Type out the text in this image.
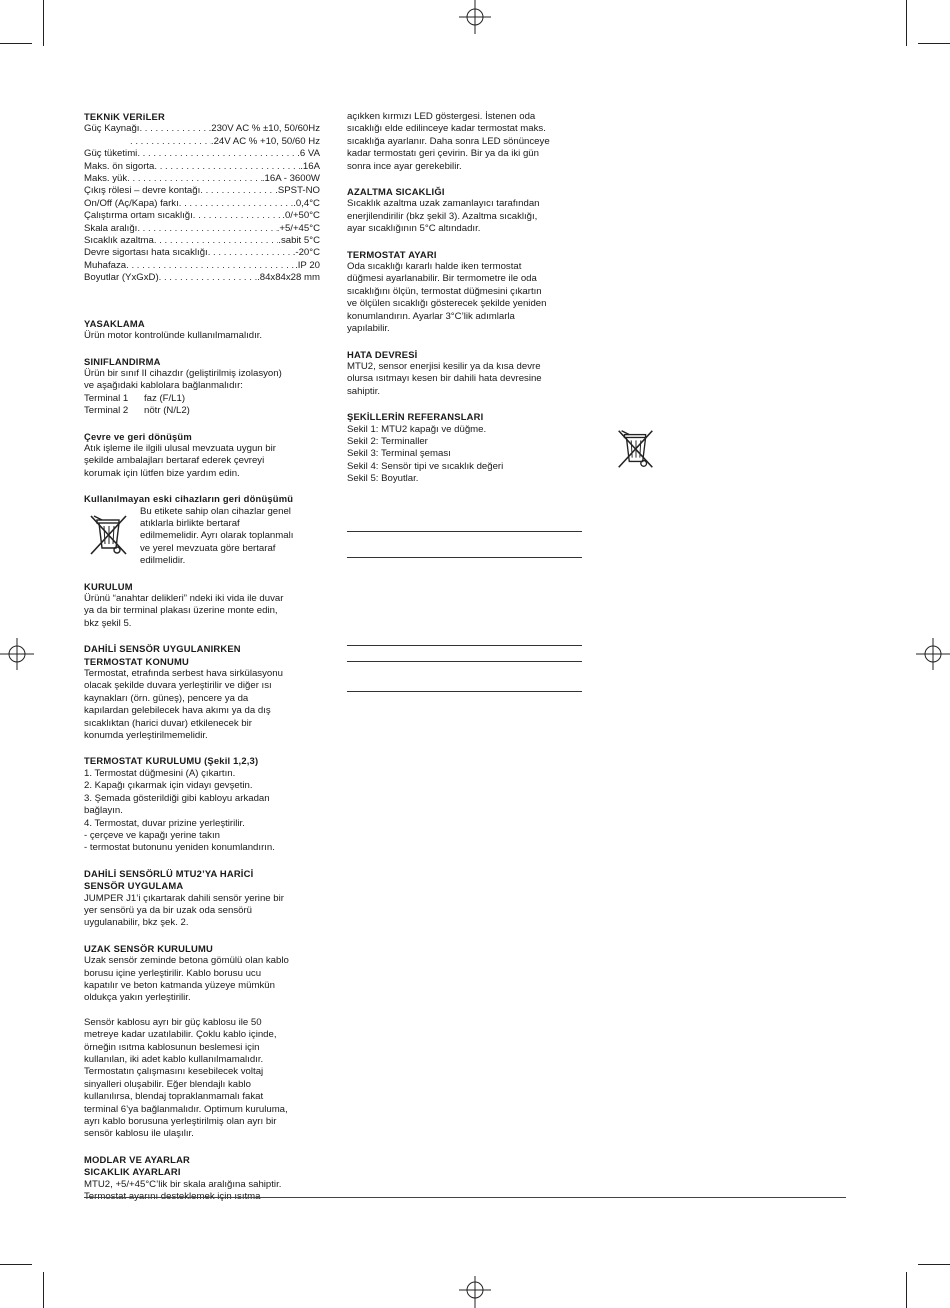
TEKNiK VERiLER

Güç Kaynağı . . .	.230V AC % ±10, 50/60Hz
. . .
.24V AC % +10, 50/60 Hz
Güç tüketimi . . .	.6 VA
Maks. ön sigorta . . .	.16A
Maks. yük . . .	.16A - 3600W
Çıkış rölesi – devre kontağı . . .	.SPST-NO
On/Off (Aç/Kapa) farkı . . .	.0,4°C
Çalıştırma ortam sıcaklığı . . .	.0/+50°C
Skala aralığı . . .	.+5/+45°C
Sıcaklık azaltma . . .	.sabit 5°C
Devre sigortası hata sıcaklığı . . .	.-20°C
Muhafaza . . .	.IP 20
Boyutlar (YxGxD) . . .	.84x84x28 mm

YASAKLAMA

Ürün motor kontrolünde kullanılmamalıdır.

SINIFLANDIRMA

Ürün bir sınıf II cihazdır (geliştirilmiş izolasyon)
ve aşağıdaki kablolara bağlanmalıdır:

Terminal 1	faz (F/L1)
Terminal 2	nötr (N/L2)

Çevre ve geri dönüşüm

Atık işleme ile ilgili ulusal mevzuata uygun bir
şekilde ambalajları bertaraf ederek çevreyi
korumak için lütfen bize yardım edin.

Kullanılmayan eski cihazların geri dönüşümü

Bu etikete sahip olan cihazlar genel
atıklarla birlikte bertaraf
edilmemelidir. Ayrı olarak toplanmalı
ve yerel mevzuata göre bertaraf
edilmelidir.

KURULUM

Ürünü “anahtar delikleri” ndeki iki vida ile duvar
ya da bir terminal plakası üzerine monte edin,
bkz şekil 5.

DAHİLİ SENSÖR UYGULANIRKEN
TERMOSTAT KONUMU

Termostat, etrafında serbest hava sirkülasyonu
olacak şekilde duvara yerleştirilir ve diğer ısı
kaynakları (örn. güneş), pencere ya da
kapılardan gelebilecek hava akımı ya da dış
sıcaklıktan (harici duvar) etkilenecek bir
konumda yerleştirilmemelidir.

TERMOSTAT KURULUMU (Şekil 1,2,3)

1. Termostat düğmesini (A) çıkartın.
2. Kapağı çıkarmak için vidayı gevşetin.
3. Şemada gösterildiği gibi kabloyu arkadan
bağlayın.
4. Termostat, duvar prizine yerleştirilir.
- çerçeve ve kapağı yerine takın
- termostat butonunu yeniden konumlandırın.

DAHİLİ SENSÖRLÜ MTU2’YA HARİCİ
SENSÖR UYGULAMA

JUMPER J1’i çıkartarak dahili sensör yerine bir
yer sensörü ya da bir uzak oda sensörü
uygulanabilir, bkz şek. 2.

UZAK SENSÖR KURULUMU

Uzak sensör zeminde betona gömülü olan kablo
borusu içine yerleştirilir. Kablo borusu ucu
kapatılır ve beton katmanda yüzeye mümkün
oldukça yakın yerleştirilir.

Sensör kablosu ayrı bir güç kablosu ile 50
metreye kadar uzatılabilir. Çoklu kablo içinde,
örneğin ısıtma kablosunun beslemesi için
kullanılan, iki adet kablo kullanılmamalıdır.
Termostatın çalışmasını kesebilecek voltaj
sinyalleri oluşabilir. Eğer blendajlı kablo
kullanılırsa, blendaj topraklanmamalı fakat
terminal 6’ya bağlanmalıdır. Optimum kuruluma,
ayrı kablo borusuna yerleştirilmiş olan ayrı bir
sensör kablosu ile ulaşılır.

MODLAR VE AYARLAR
SICAKLIK AYARLARI

MTU2, +5/+45°C’lik bir skala aralığına sahiptir.
Termostat ayarını desteklemek için ısıtma

açıkken kırmızı LED göstergesi. İstenen oda
sıcaklığı elde edilinceye kadar termostat maks.
sıcaklığa ayarlanır. Daha sonra LED sönünceye
kadar termostatı geri çevirin. Bir ya da iki gün
sonra ince ayar gerekebilir.

AZALTMA SICAKLIĞI

Sıcaklık azaltma uzak zamanlayıcı tarafından
enerjilendirilir (bkz şekil 3). Azaltma sıcaklığı,
ayar sıcaklığının 5°C altındadır.

TERMOSTAT AYARI

Oda sıcaklığı kararlı halde iken termostat
düğmesi ayarlanabilir. Bir termometre ile oda
sıcaklığını ölçün, termostat düğmesini çıkartın
ve ölçülen sıcaklığı gösterecek şekilde yeniden
konumlandırın. Ayarlar 3°C’lik adımlarla
yapılabilir.

HATA DEVRESİ

MTU2, sensor enerjisi kesilir ya da kısa devre
olursa ısıtmayı kesen bir dahili hata devresine
sahiptir.

ŞEKİLLERİN REFERANSLARI

Sekil 1: MTU2 kapağı ve düğme.

Sekil 2: Terminaller

Sekil 3: Terminal şeması

Sekil 4: Sensör tipi ve sıcaklık değeri

Sekil 5: Boyutlar.
